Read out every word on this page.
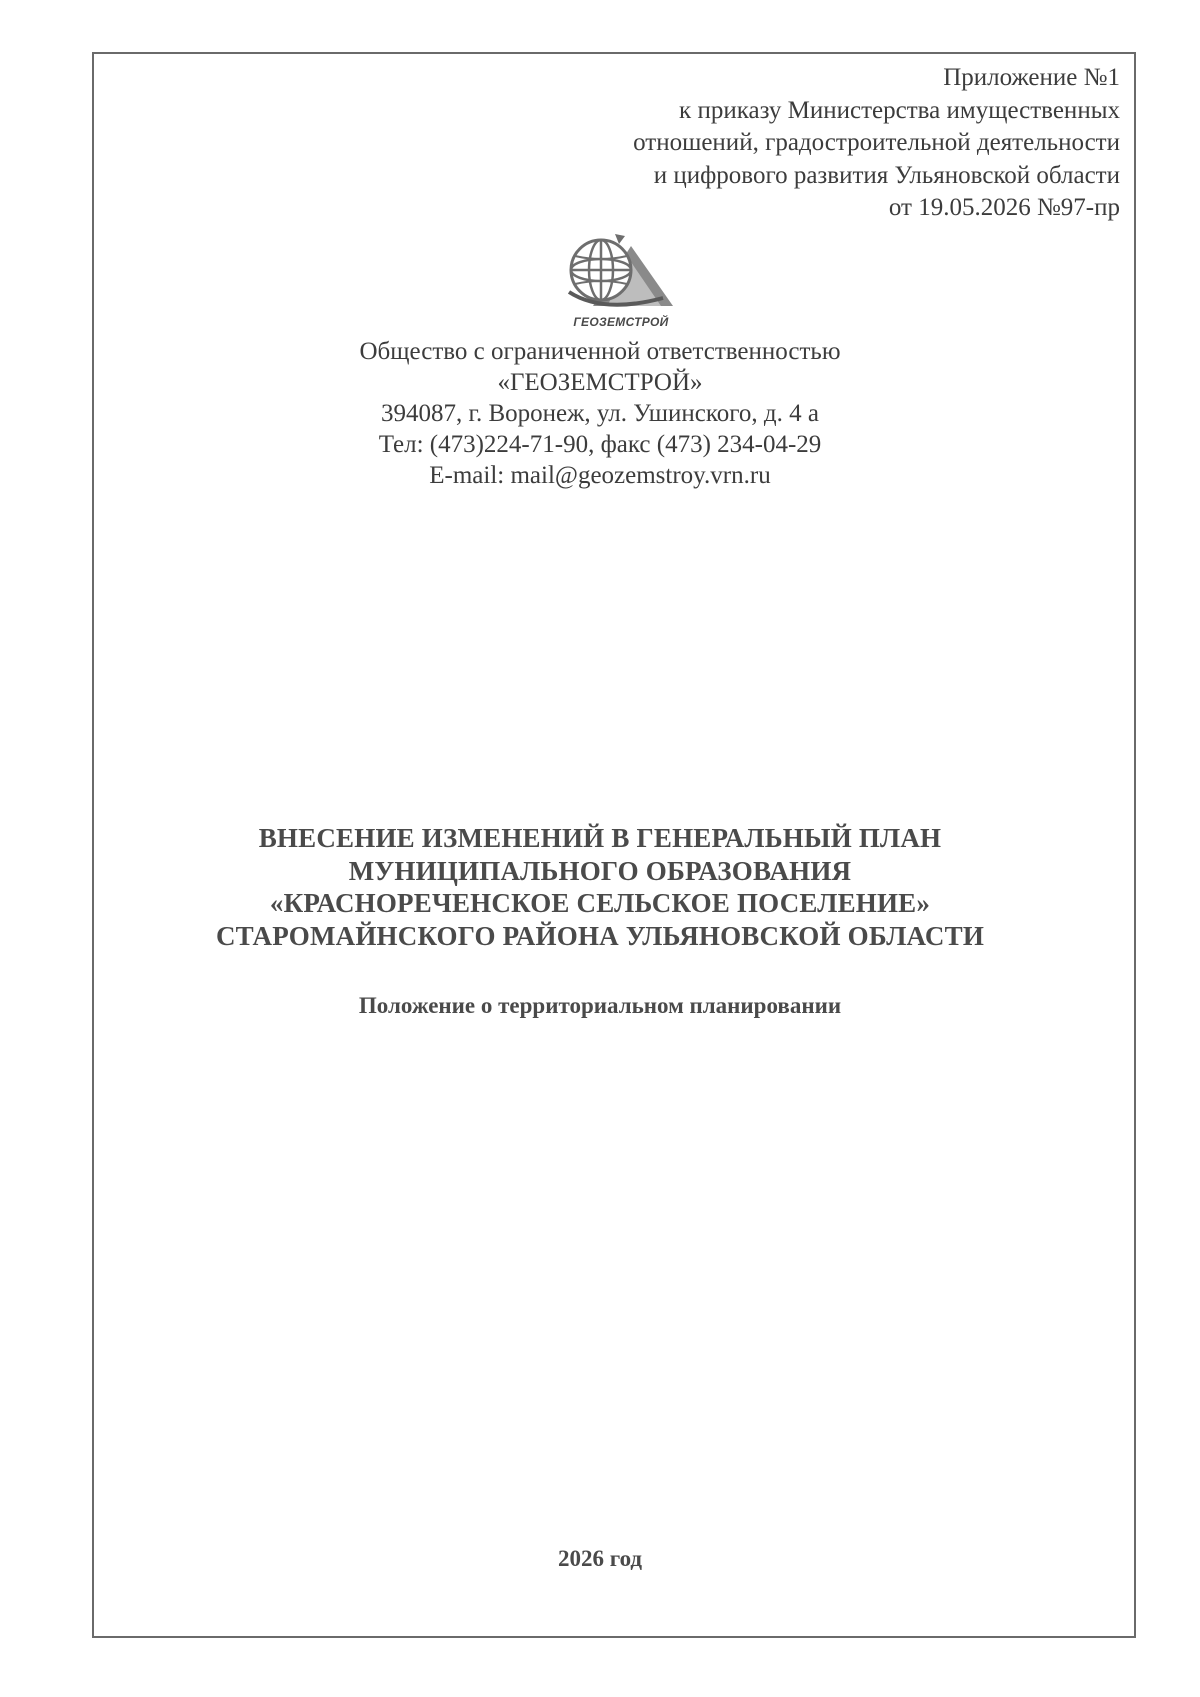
Приложение №1
к приказу Министерства имущественных
отношений, градостроительной деятельности
и цифрового развития Ульяновской области
от 19.05.2026 №97-пр
ГЕОЗЕМСТРОЙ
Общество с ограниченной ответственностью
«ГЕОЗЕМСТРОЙ»
394087, г. Воронеж, ул. Ушинского, д. 4 а
Тел: (473)224-71-90, факс (473) 234-04-29
E-mail: mail@geozemstroy.vrn.ru
ВНЕСЕНИЕ ИЗМЕНЕНИЙ В ГЕНЕРАЛЬНЫЙ ПЛАН
МУНИЦИПАЛЬНОГО ОБРАЗОВАНИЯ
«КРАСНОРЕЧЕНСКОЕ СЕЛЬСКОЕ ПОСЕЛЕНИЕ»
СТАРОМАЙНСКОГО РАЙОНА УЛЬЯНОВСКОЙ ОБЛАСТИ
Положение о территориальном планировании
2026 год
